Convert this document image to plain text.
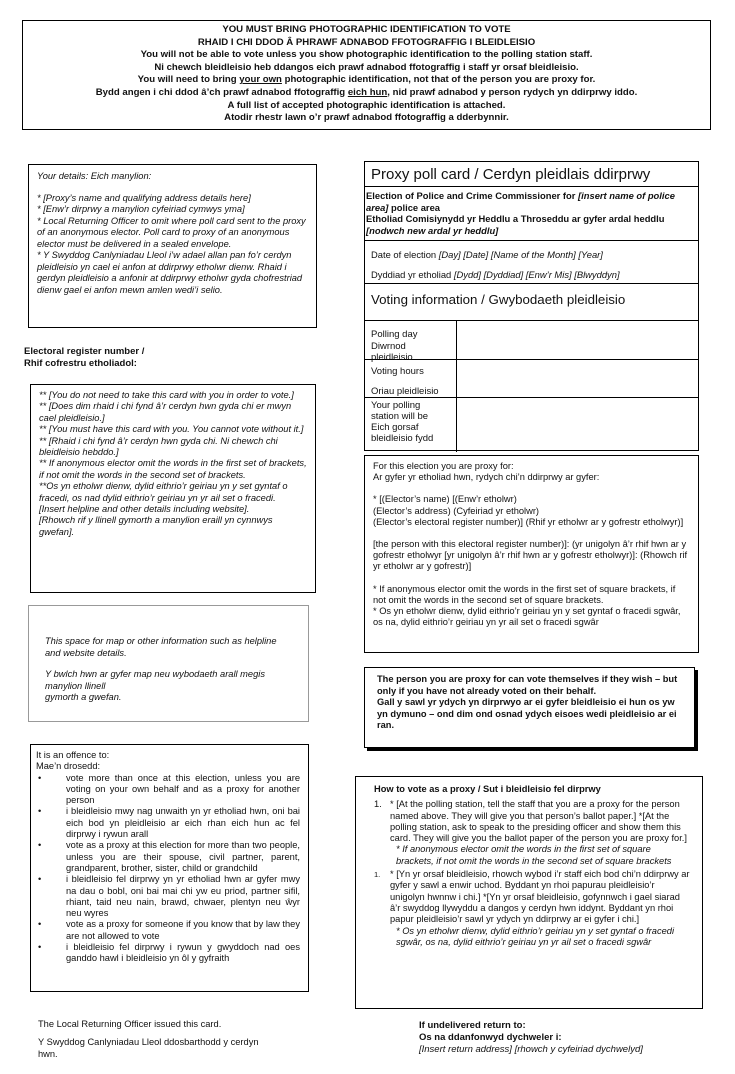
YOU MUST BRING PHOTOGRAPHIC IDENTIFICATION TO VOTE

RHAID I CHI DDOD Â PHRAWF ADNABOD FFOTOGRAFFIG I BLEIDLEISIO

You will not be able to vote unless you show photographic identification to the polling station staff.

Ni chewch bleidleisio heb ddangos eich prawf adnabod ffotograffig i staff yr orsaf bleidleisio.

You will need to bring your own photographic identification, not that of the person you are proxy for.

Bydd angen i chi ddod â’ch prawf adnabod ffotograffig eich hun, nid prawf adnabod y person rydych yn ddirprwy iddo.

A full list of accepted photographic identification is attached.

Atodir rhestr lawn o’r prawf adnabod ffotograffig a dderbynnir.

Your details: Eich manylion:

* [Proxy’s name and qualifying address details here]

* [Enw’r dirprwy a manylion cyfeiriad cymwys yma]

* Local Returning Officer to omit where poll card sent to the proxy of an anonymous elector. Poll card to proxy of an anonymous elector must be delivered in a sealed envelope.

* Y Swyddog Canlyniadau Lleol i’w adael allan pan fo’r cerdyn pleidleisio yn cael ei anfon at ddirprwy etholwr dienw. Rhaid i gerdyn pleidleisio a anfonir at ddirprwy etholwr gyda chofrestriad dienw gael ei anfon mewn amlen wedi’i selio.

Electoral register number /

Rhif cofrestru etholiadol:

** [You do not need to take this card with you in order to vote.]

** [Does dim rhaid i chi fynd â’r cerdyn hwn gyda chi er mwyn cael pleidleisio.]

** [You must have this card with you. You cannot vote without it.]

** [Rhaid i chi fynd â’r cerdyn hwn gyda chi. Ni chewch chi bleidleisio hebddo.]

** If anonymous elector omit the words in the first set of brackets, if not omit the words in the second set of brackets.

**Os yn etholwr dienw, dylid eithrio’r geiriau yn y set gyntaf o fracedi, os nad dylid eithrio’r geiriau yn yr ail set o fracedi.

[Insert helpline and other details including website].

[Rhowch rif y llinell gymorth a manylion eraill yn cynnwys gwefan].

This space for map or other information such as helpline and website details.

Y bwlch hwn ar gyfer map neu wybodaeth arall megis manylion llinell

gymorth a gwefan.

It is an offence to:

Mae’n drosedd:

• vote more than once at this election, unless you are voting on your own behalf and as a proxy for another person
• i bleidleisio mwy nag unwaith yn yr etholiad hwn, oni bai eich bod yn pleidleisio ar eich rhan eich hun ac fel dirprwy i rywun arall
• vote as a proxy at this election for more than two people, unless you are their spouse, civil partner, parent, grandparent, brother, sister, child or grandchild
• i bleidleisio fel dirprwy yn yr etholiad hwn ar gyfer mwy na dau o bobl, oni bai mai chi yw eu priod, partner sifil, rhiant, taid neu nain, brawd, chwaer, plentyn neu ŵyr neu wyres
• vote as a proxy for someone if you know that by law they are not allowed to vote
• i bleidleisio fel dirprwy i rywun y gwyddoch nad oes ganddo hawl i bleidleisio yn ôl y gyfraith

The Local Returning Officer issued this card.

Y Swyddog Canlyniadau Lleol ddosbarthodd y cerdyn hwn.

Proxy poll card / Cerdyn pleidlais ddirprwy

Election of Police and Crime Commissioner for [insert name of police area] police area

Etholiad Comisiynydd yr Heddlu a Throseddu ar gyfer ardal heddlu [nodwch new ardal yr heddlu]

Date of election [Day] [Date] [Name of the Month] [Year]

Dyddiad yr etholiad [Dydd] [Dyddiad] [Enw’r Mis] [Blwyddyn]

Voting information / Gwybodaeth pleidleisio

Polling day

Diwrnod pleidleisio

Voting hours

Oriau pleidleisio

Your polling station will be

Eich gorsaf bleidleisio fydd

For this election you are proxy for:

Ar gyfer yr etholiad hwn, rydych chi’n ddirprwy ar gyfer:

* [(Elector’s name) [(Enw’r etholwr)

(Elector’s address) (Cyfeiriad yr etholwr)

(Elector’s electoral register number)] (Rhif yr etholwr ar y gofrestr etholwyr)]

[the person with this electoral register number)]: (yr unigolyn â’r rhif hwn ar y gofrestr etholwyr [yr unigolyn â’r rhif hwn ar y gofrestr etholwyr)]: (Rhowch rif yr etholwr ar y gofrestr)]

* If anonymous elector omit the words in the first set of square brackets, if not omit the words in the second set of square brackets.

* Os yn etholwr dienw, dylid eithrio’r geiriau yn y set gyntaf o fracedi sgwâr, os na, dylid eithrio’r geiriau yn yr ail set o fracedi sgwâr

The person you are proxy for can vote themselves if they wish – but only if you have not already voted on their behalf.

Gall y sawl yr ydych yn dirprwyo ar ei gyfer bleidleisio ei hun os yw yn dymuno – ond dim ond osnad ydych eisoes wedi pleidleisio ar ei ran.

How to vote as a proxy / Sut i bleidleisio fel dirprwy

1. * [At the polling station, tell the staff that you are a proxy for the person named above. They will give you that person’s ballot paper.] *[At the polling station, ask to speak to the presiding officer and show them this card. They will give you the ballot paper of the person you are proxy for.]

* If anonymous elector omit the words in the first set of square brackets, if not omit the words in the second set of square brackets

1. * [Yn yr orsaf bleidleisio, rhowch wybod i’r staff eich bod chi’n ddirprwy ar gyfer y sawl a enwir uchod. Byddant yn rhoi papurau pleidleisio’r unigolyn hwnnw i chi.] *[Yn yr orsaf bleidleisio, gofynnwch i gael siarad â’r swyddog llywyddu a dangos y cerdyn hwn iddynt. Byddant yn rhoi papur pleidleisio’r sawl yr ydych yn ddirprwy ar ei gyfer i chi.]

* Os yn etholwr dienw, dylid eithrio’r geiriau yn y set gyntaf o fracedi sgwâr, os na, dylid eithrio’r geiriau yn yr ail set o fracedi sgwâr

If undelivered return to:

Os na ddanfonwyd dychweler i:

[Insert return address] [rhowch y cyfeiriad dychwelyd]
